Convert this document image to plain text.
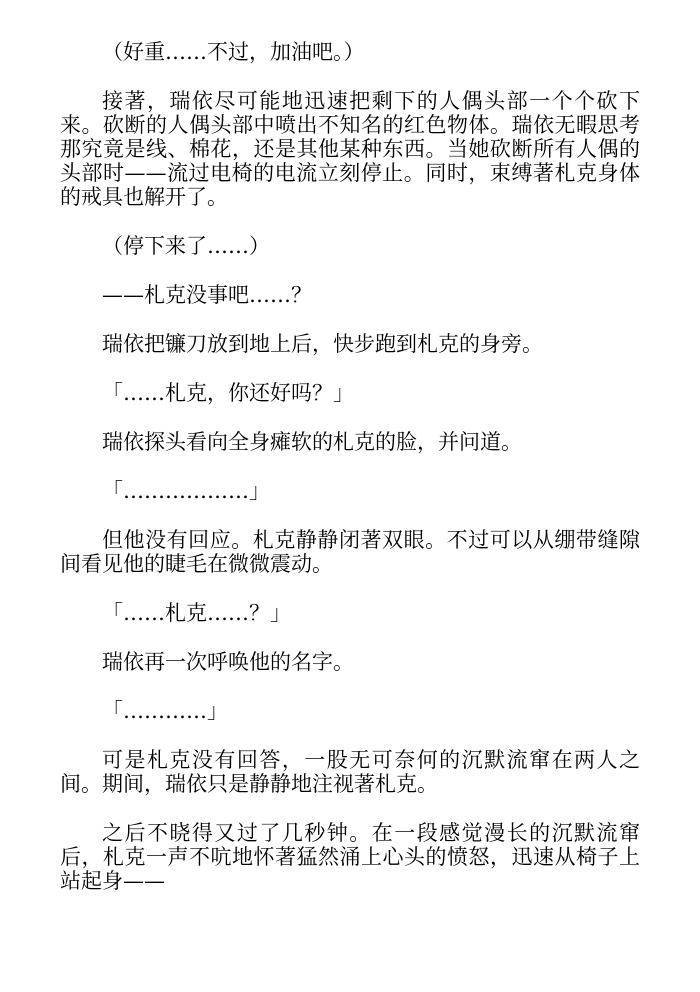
（好重……不过，加油吧。）

接著，瑞依尽可能地迅速把剩下的人偶头部一个个砍下来。砍断的人偶头部中喷出不知名的红色物体。瑞依无暇思考那究竟是线、棉花，还是其他某种东西。当她砍断所有人偶的头部时——流过电椅的电流立刻停止。同时，束缚著札克身体的戒具也解开了。

（停下来了……）

——札克没事吧……？

瑞依把镰刀放到地上后，快步跑到札克的身旁。

「……札克，你还好吗？」

瑞依探头看向全身瘫软的札克的脸，并问道。

「………………」

但他没有回应。札克静静闭著双眼。不过可以从绷带缝隙间看见他的睫毛在微微震动。

「……札克……？」

瑞依再一次呼唤他的名字。

「…………」

可是札克没有回答，一股无可奈何的沉默流窜在两人之间。期间，瑞依只是静静地注视著札克。

之后不晓得又过了几秒钟。在一段感觉漫长的沉默流窜后，札克一声不吭地怀著猛然涌上心头的愤怒，迅速从椅子上站起身——
